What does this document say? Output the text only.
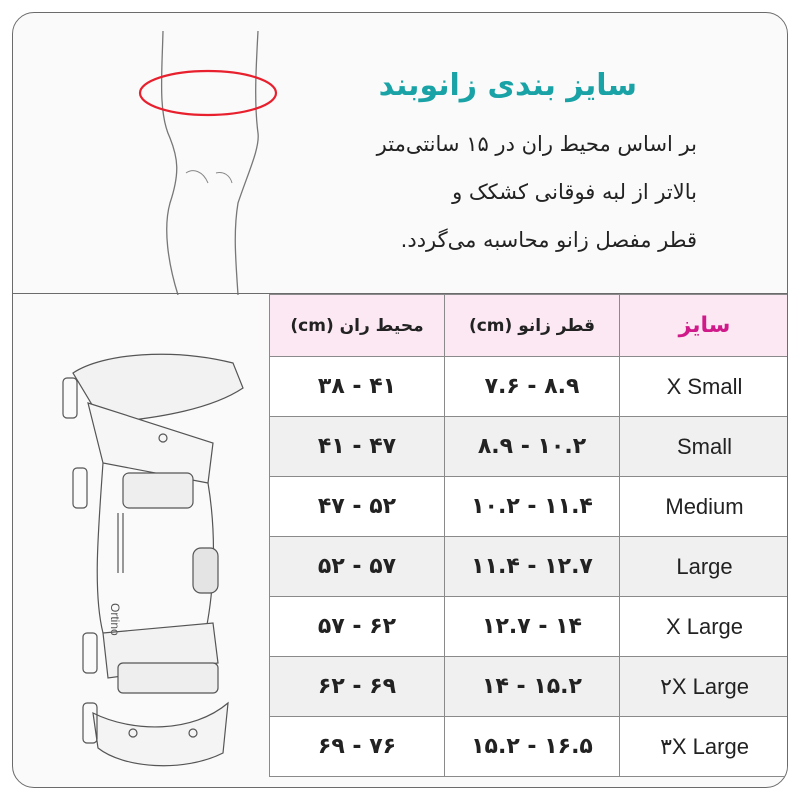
سایز بندی زانوبند

بر اساس محیط ران در ۱۵ سانتی‌متر
بالاتر از لبه فوقانی کشکک و
قطر مفصل زانو محاسبه می‌گردد.

Ortino
محیط ران (cm)	قطر زانو (cm)	سایز
۳۸ - ۴۱	۷.۶ - ۸.۹	X Small
۴۱ - ۴۷	۸.۹ - ۱۰.۲	Small
۴۷ - ۵۲	۱۰.۲ - ۱۱.۴	Medium
۵۲ - ۵۷	۱۱.۴ - ۱۲.۷	Large
۵۷ - ۶۲	۱۲.۷ - ۱۴	X Large
۶۲ - ۶۹	۱۴ - ۱۵.۲	۲X Large
۶۹ - ۷۶	۱۵.۲ - ۱۶.۵	۳X Large
